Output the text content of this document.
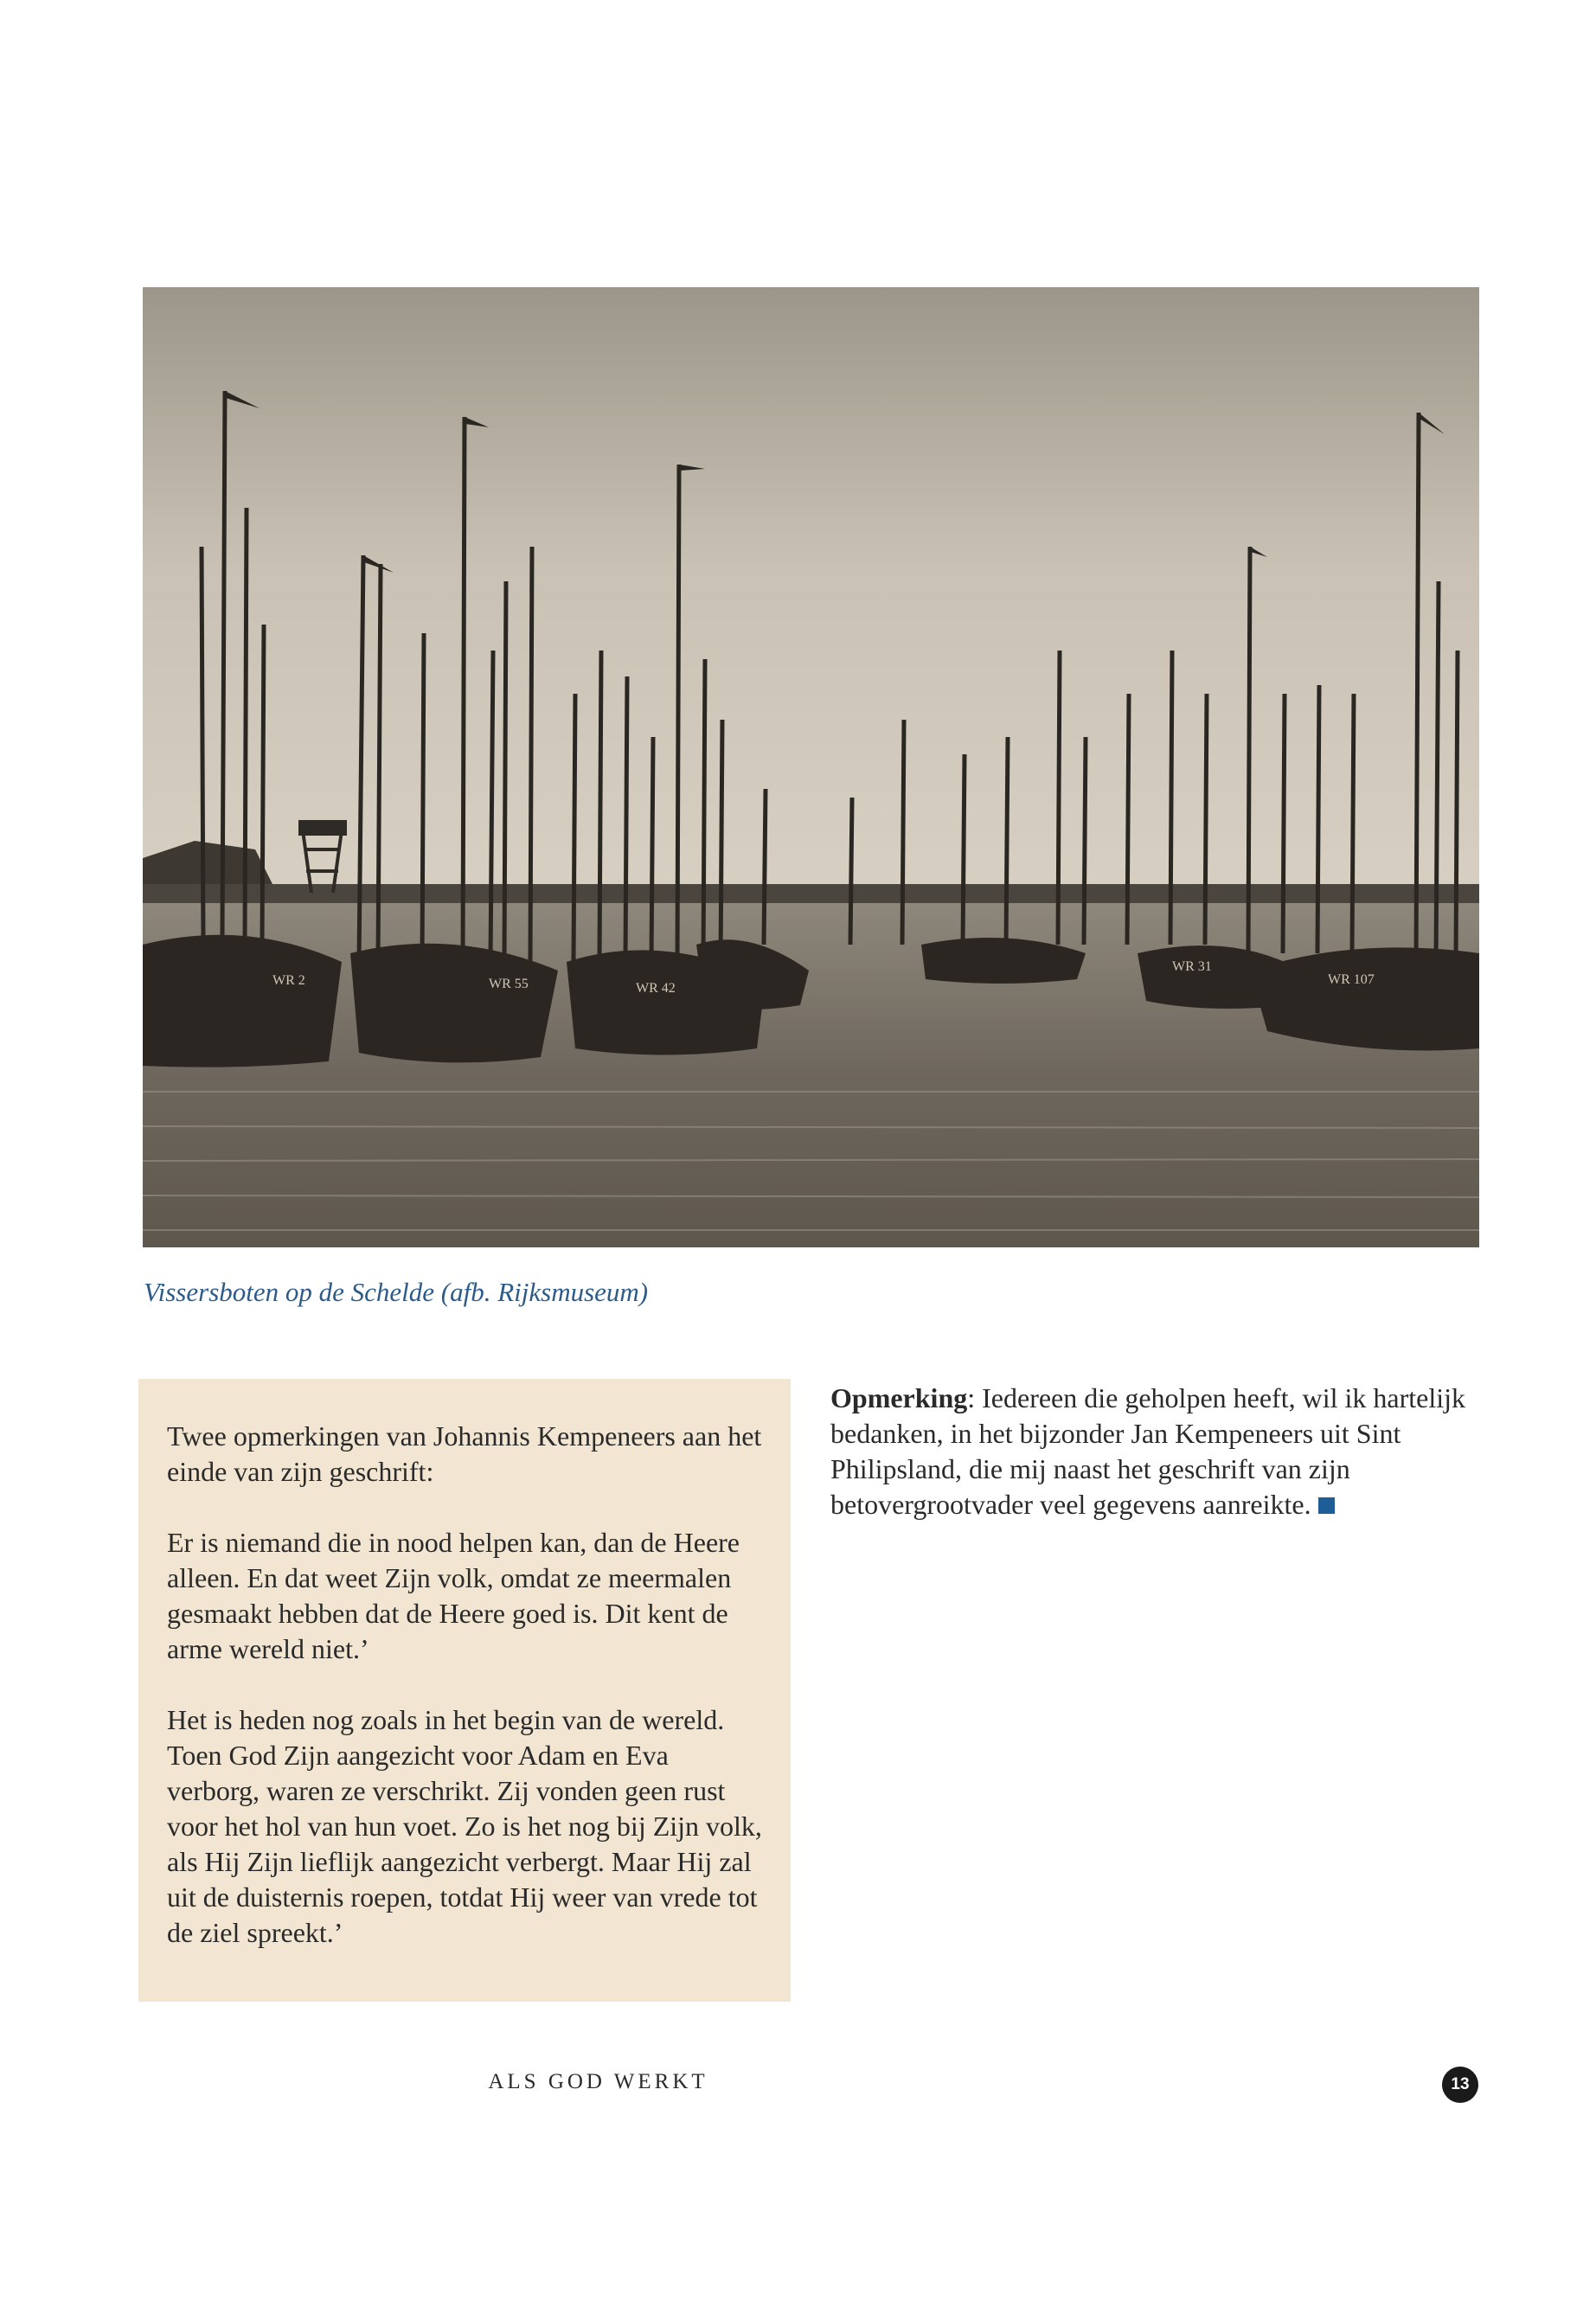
WR 107
WR 2	WR 55	WR 42
WR 31
Vissersboten op de Schelde (afb. Rijksmuseum)

Twee opmerkingen van Johannis Kempeneers aan het einde van zijn geschrift:

Er is niemand die in nood helpen kan, dan de Heere alleen. En dat weet Zijn volk, omdat ze meermalen gesmaakt hebben dat de Heere goed is. Dit kent de arme wereld niet.’

Het is heden nog zoals in het begin van de wereld. Toen God Zijn aangezicht voor Adam en Eva verborg, waren ze verschrikt. Zij vonden geen rust voor het hol van hun voet. Zo is het nog bij Zijn volk, als Hij Zijn lieflijk aangezicht verbergt. Maar Hij zal uit de duisternis roepen, totdat Hij weer van vrede tot de ziel spreekt.’

Opmerking: Iedereen die geholpen heeft, wil ik hartelijk bedanken, in het bijzonder Jan Kempeneers uit Sint Philipsland, die mij naast het geschrift van zijn betovergrootvader veel gegevens aanreikte.
ALS GOD WERKT	13
